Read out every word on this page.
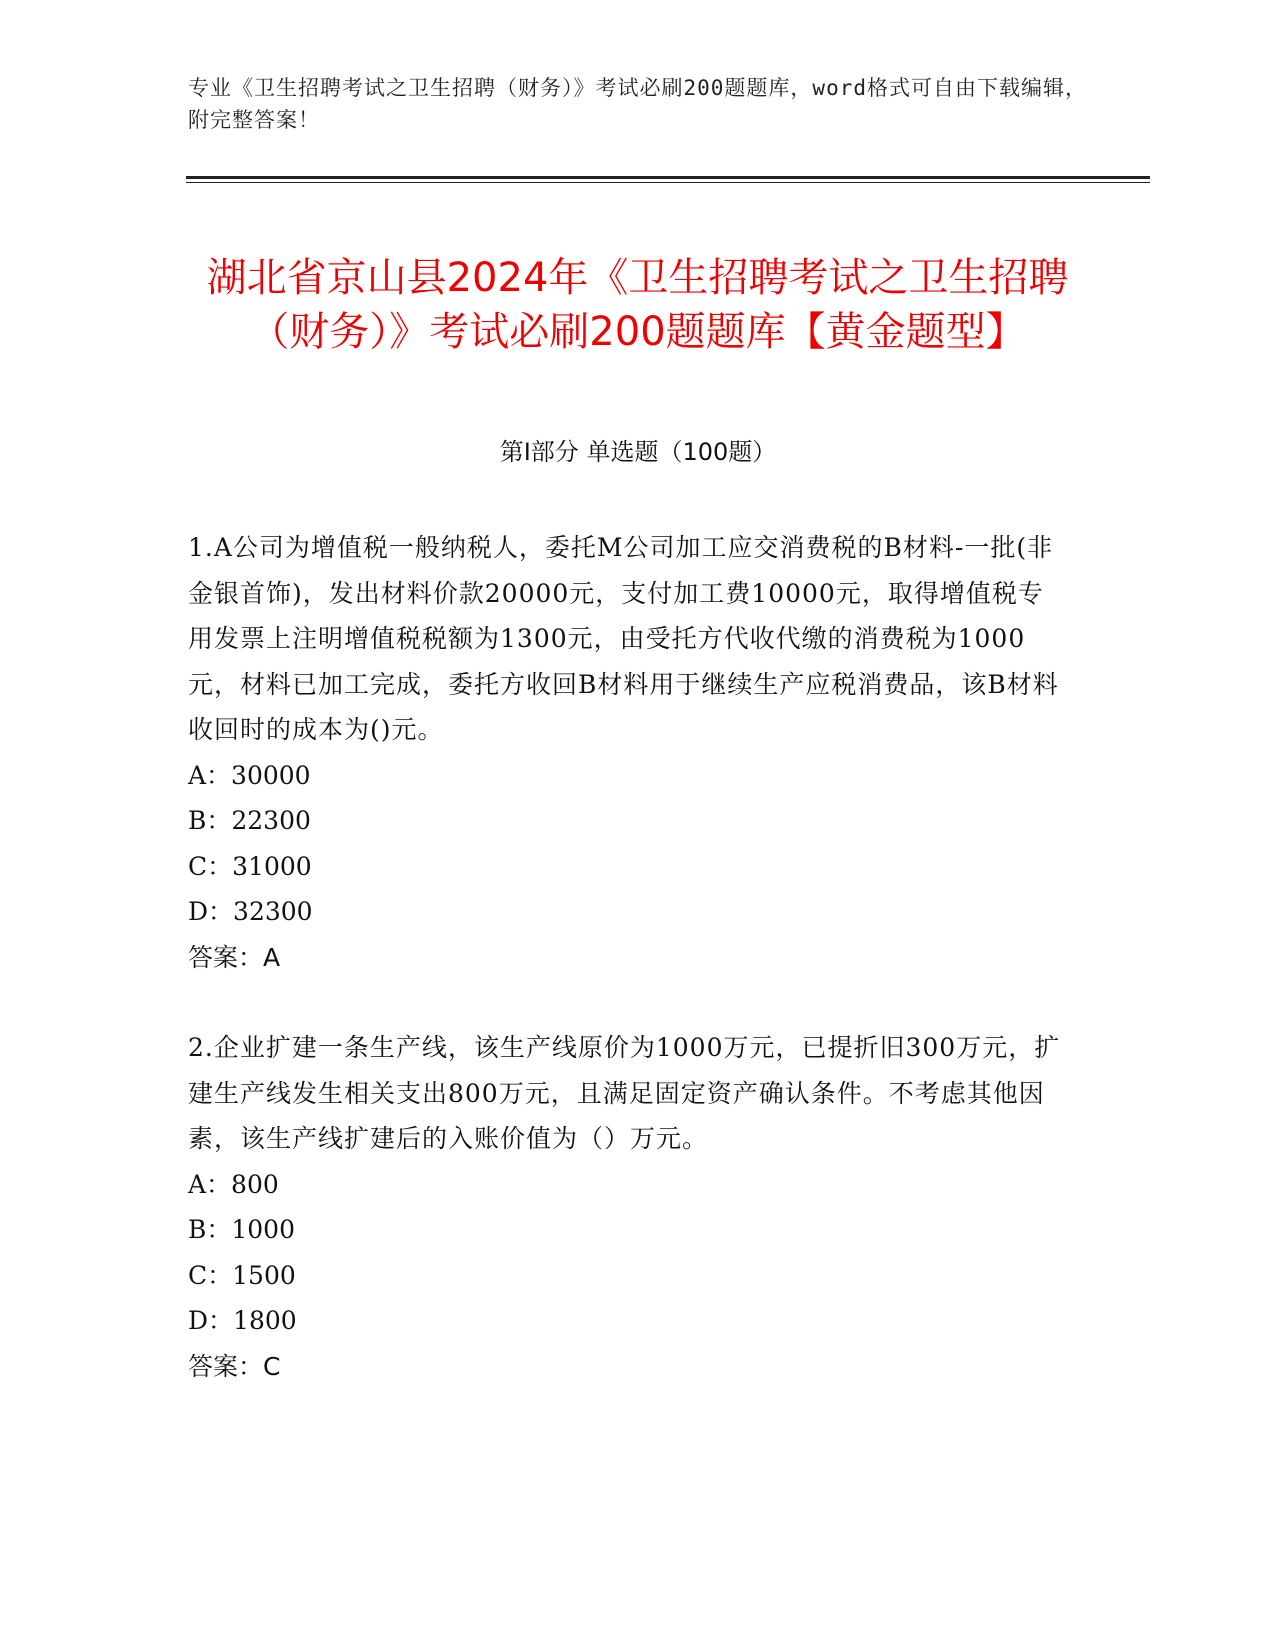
专业《卫生招聘考试之卫生招聘（财务）》考试必刷200题题库，word格式可自由下载编辑，附完整答案！
湖北省京山县2024年《卫生招聘考试之卫生招聘（财务）》考试必刷200题题库【黄金题型】
第Ⅰ部分 单选题（100题）

1.A公司为增值税一般纳税人，委托M公司加工应交消费税的B材料-一批(非金银首饰)，发出材料价款20000元，支付加工费10000元，取得增值税专用发票上注明增值税税额为1300元，由受托方代收代缴的消费税为1000元，材料已加工完成，委托方收回B材料用于继续生产应税消费品，该B材料收回时的成本为()元。

A：30000

B：22300

C：31000

D：32300

答案：A

2.企业扩建一条生产线，该生产线原价为1000万元，已提折旧300万元，扩建生产线发生相关支出800万元，且满足固定资产确认条件。不考虑其他因素，该生产线扩建后的入账价值为（）万元。

A：800

B：1000

C：1500

D：1800

答案：C
